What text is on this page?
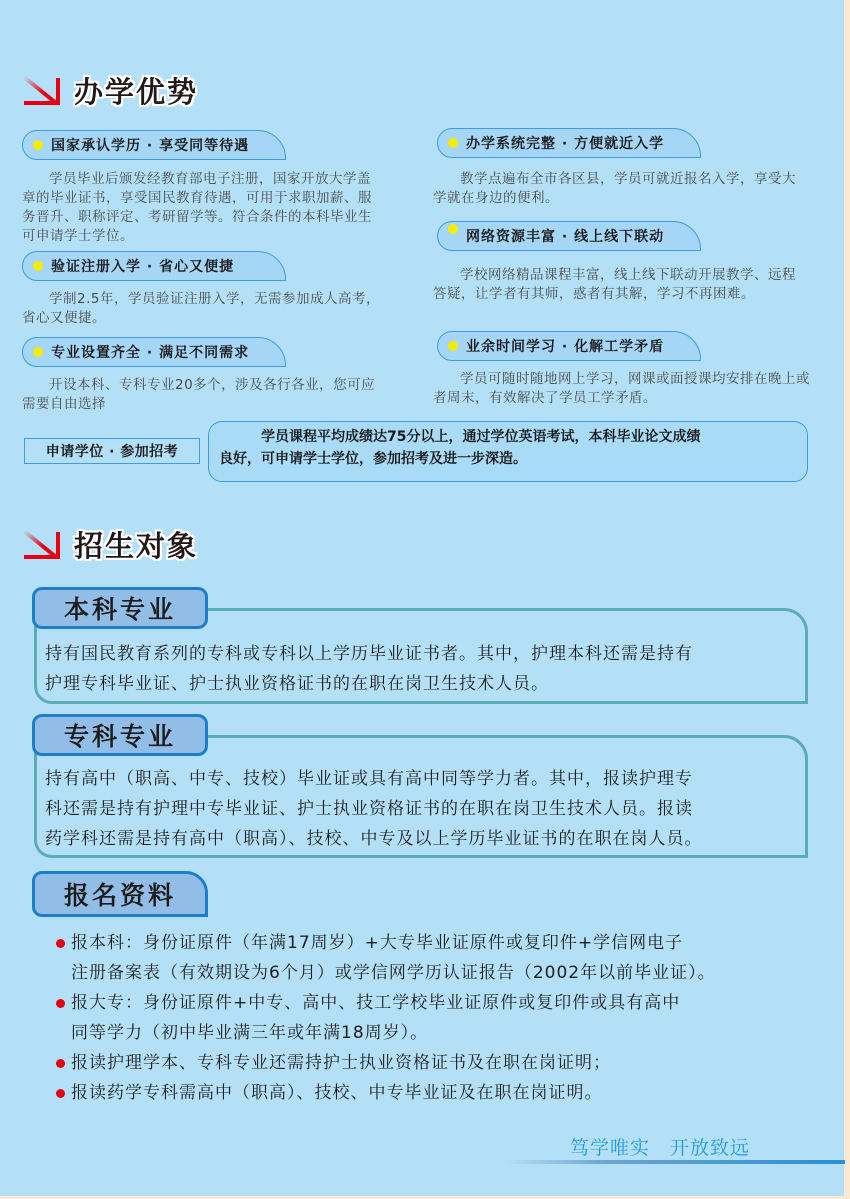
办学优势
国家承认学历 · 享受同等待遇
学员毕业后颁发经教育部电子注册，国家开放大学盖章的毕业证书，享受国民教育待遇，可用于求职加薪、服务晋升、职称评定、考研留学等。符合条件的本科毕业生可申请学士学位。
验证注册入学 · 省心又便捷
学制2.5年，学员验证注册入学，无需参加成人高考，省心又便捷。
专业设置齐全 · 满足不同需求
开设本科、专科专业20多个，涉及各行各业，您可应需要自由选择
办学系统完整 · 方便就近入学
教学点遍布全市各区县，学员可就近报名入学，享受大学就在身边的便利。
网络资源丰富 · 线上线下联动
学校网络精品课程丰富，线上线下联动开展教学、远程答疑，让学者有其师，惑者有其解，学习不再困难。
业余时间学习 · 化解工学矛盾
学员可随时随地网上学习，网课或面授课均安排在晚上或者周末，有效解决了学员工学矛盾。
申请学位 · 参加招考
学员课程平均成绩达75分以上，通过学位英语考试，本科毕业论文成绩
良好，可申请学士学位，参加招考及进一步深造。
招生对象
持有国民教育系列的专科或专科以上学历毕业证书者。其中，护理本科还需是持有
护理专科毕业证、护士执业资格证书的在职在岗卫生技术人员。
本科专业
持有高中（职高、中专、技校）毕业证或具有高中同等学力者。其中，报读护理专
科还需是持有护理中专毕业证、护士执业资格证书的在职在岗卫生技术人员。报读
药学科还需是持有高中（职高）、技校、中专及以上学历毕业证书的在职在岗人员。
专科专业
报名资料
报本科：身份证原件（年满17周岁）+大专毕业证原件或复印件+学信网电子
注册备案表（有效期设为6个月）或学信网学历认证报告（2002年以前毕业证）。
报大专：身份证原件+中专、高中、技工学校毕业证原件或复印件或具有高中
同等学力（初中毕业满三年或年满18周岁）。
报读护理学本、专科专业还需持护士执业资格证书及在职在岗证明；
报读药学专科需高中（职高）、技校、中专毕业证及在职在岗证明。
笃学唯实　开放致远
